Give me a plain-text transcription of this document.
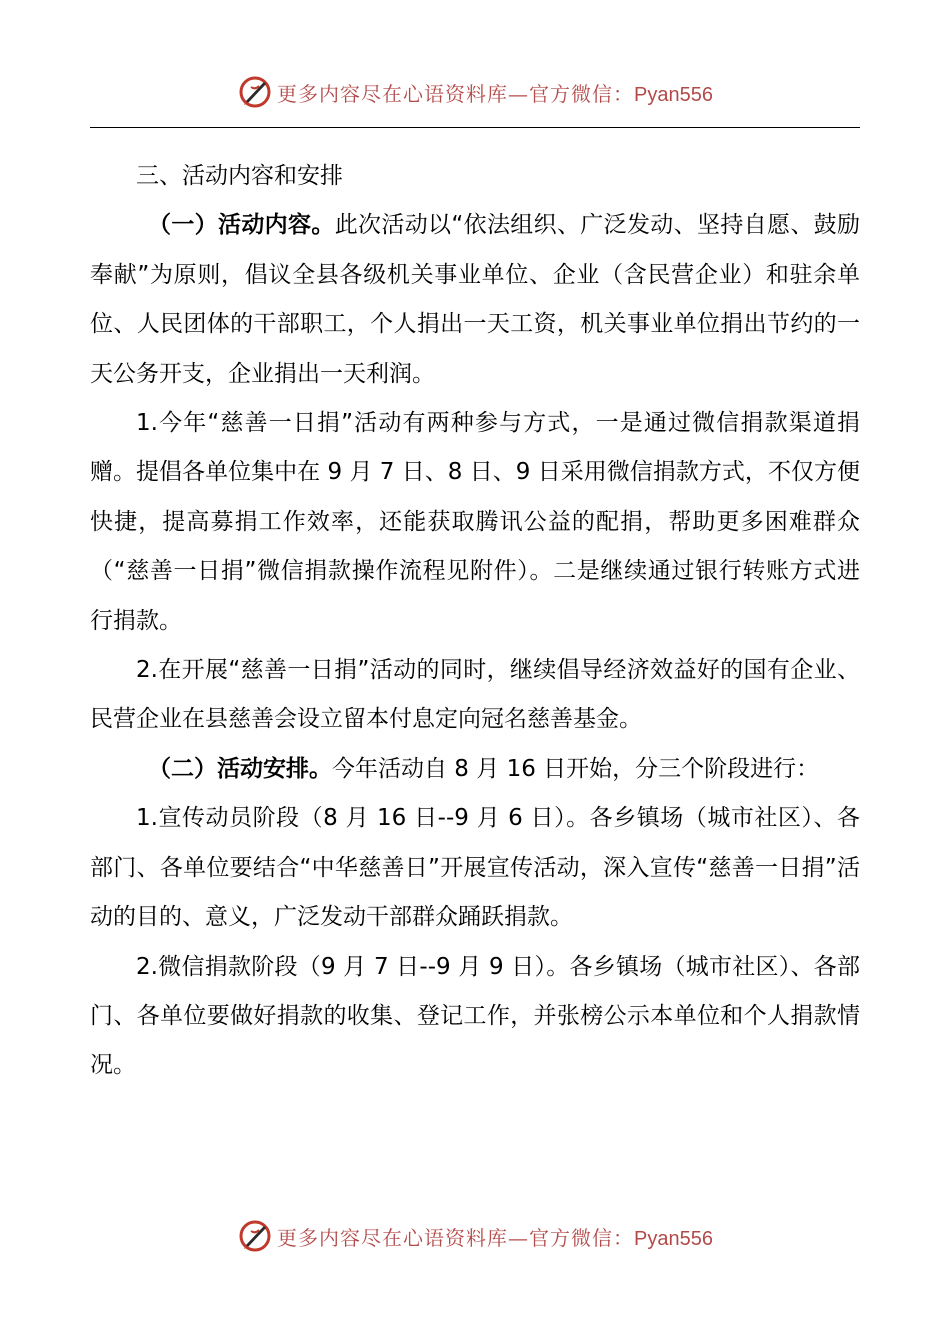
更多内容尽在心语资料库—官方微信：Pyan556

三、活动内容和安排

（一）活动内容。此次活动以“依法组织、广泛发动、坚持自愿、鼓励奉献”为原则，倡议全县各级机关事业单位、企业（含民营企业）和驻余单位、人民团体的干部职工，个人捐出一天工资，机关事业单位捐出节约的一天公务开支，企业捐出一天利润。

1.今年“慈善一日捐”活动有两种参与方式，一是通过微信捐款渠道捐赠。提倡各单位集中在 9 月 7 日、8 日、9 日采用微信捐款方式，不仅方便快捷，提高募捐工作效率，还能获取腾讯公益的配捐，帮助更多困难群众（“慈善一日捐”微信捐款操作流程见附件）。二是继续通过银行转账方式进行捐款。

2.在开展“慈善一日捐”活动的同时，继续倡导经济效益好的国有企业、民营企业在县慈善会设立留本付息定向冠名慈善基金。

（二）活动安排。今年活动自 8 月 16 日开始，分三个阶段进行：

1.宣传动员阶段（8 月 16 日--9 月 6 日）。各乡镇场（城市社区）、各部门、各单位要结合“中华慈善日”开展宣传活动，深入宣传“慈善一日捐”活动的目的、意义，广泛发动干部群众踊跃捐款。

2.微信捐款阶段（9 月 7 日--9 月 9 日）。各乡镇场（城市社区）、各部门、各单位要做好捐款的收集、登记工作，并张榜公示本单位和个人捐款情况。

更多内容尽在心语资料库—官方微信：Pyan556
